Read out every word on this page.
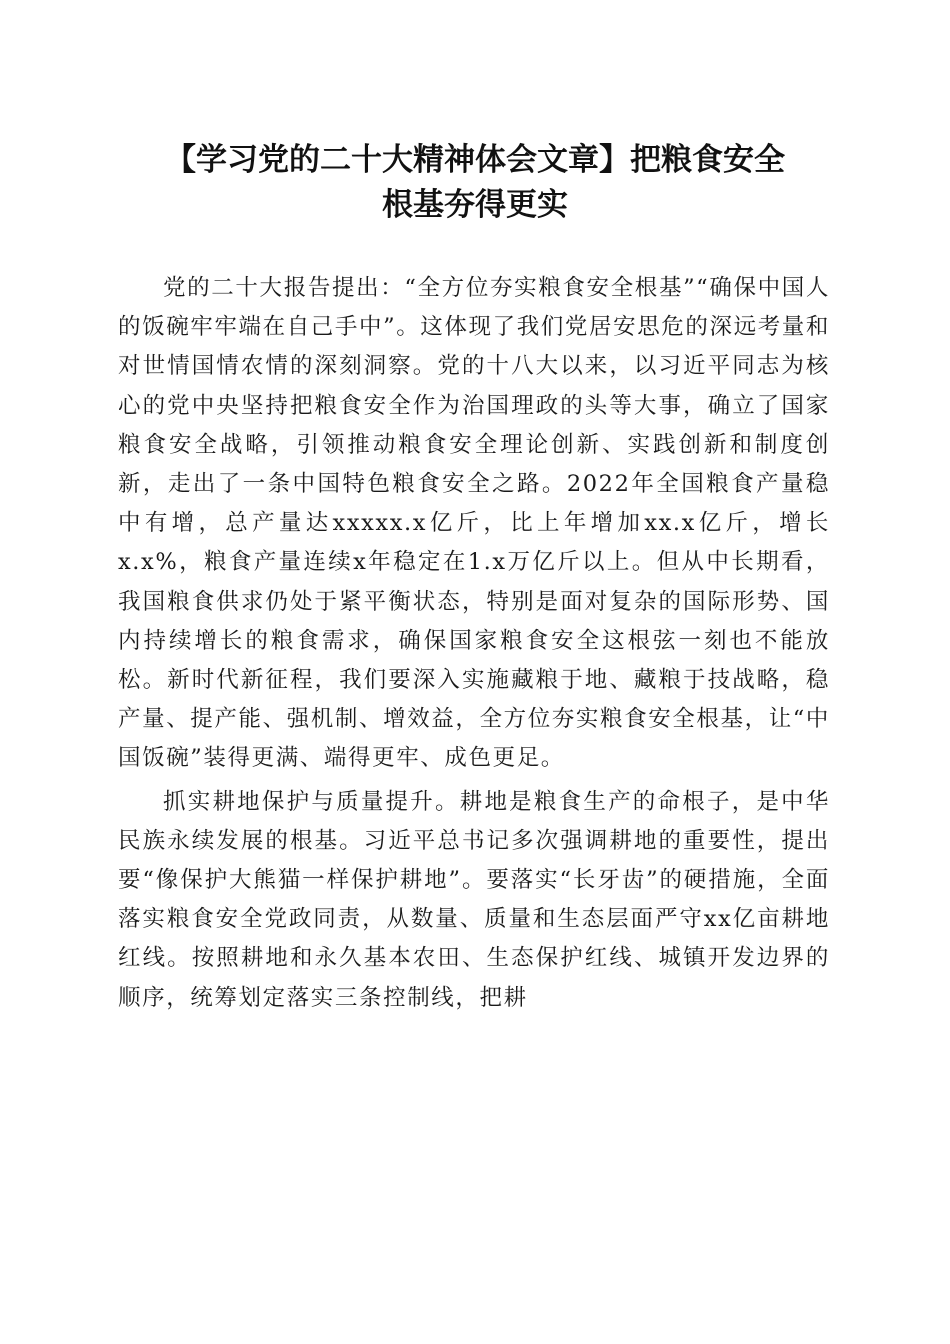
【学习党的二十大精神体会文章】把粮食安全
根基夯得更实

党的二十大报告提出：“全方位夯实粮食安全根基”“确保中国人的饭碗牢牢端在自己手中”。这体现了我们党居安思危的深远考量和对世情国情农情的深刻洞察。党的十八大以来，以习近平同志为核心的党中央坚持把粮食安全作为治国理政的头等大事，确立了国家粮食安全战略，引领推动粮食安全理论创新、实践创新和制度创新，走出了一条中国特色粮食安全之路。2022年全国粮食产量稳中有增，总产量达xxxxx.x亿斤，比上年增加xx.x亿斤，增长x.x%，粮食产量连续x年稳定在1.x万亿斤以上。但从中长期看，我国粮食供求仍处于紧平衡状态，特别是面对复杂的国际形势、国内持续增长的粮食需求，确保国家粮食安全这根弦一刻也不能放松。新时代新征程，我们要深入实施藏粮于地、藏粮于技战略，稳产量、提产能、强机制、增效益，全方位夯实粮食安全根基，让“中国饭碗”装得更满、端得更牢、成色更足。

抓实耕地保护与质量提升。耕地是粮食生产的命根子，是中华民族永续发展的根基。习近平总书记多次强调耕地的重要性，提出要“像保护大熊猫一样保护耕地”。要落实“长牙齿”的硬措施，全面落实粮食安全党政同责，从数量、质量和生态层面严守xx亿亩耕地红线。按照耕地和永久基本农田、生态保护红线、城镇开发边界的顺序，统筹划定落实三条控制线，把耕
